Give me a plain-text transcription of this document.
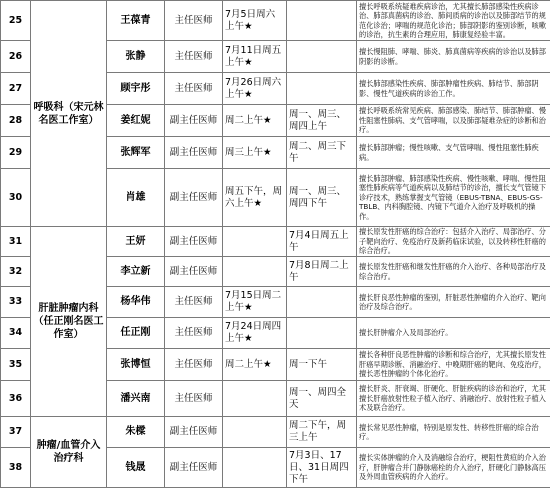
25	呼吸科（宋元林名医工作室）	王葆青	主任医师	7月5日周六上午★		擅长呼吸系统疑难疾病诊治，尤其擅长肺部感染性疾病诊治、肺部真菌病的诊治、肺间质病的诊治以及肺部结节的规范化诊治；哮喘的规范化诊治；肺部阴影的鉴别诊断，咳嗽的诊治，抗生素的合理应用，肺康复经验丰富。
26		张静	主任医师	7月11日周五上午★		擅长慢阻肺、哮喘、肺炎、肺真菌病等疾病的诊治以及肺部阴影的诊断。
27		顾宇彤	主任医师	7月26日周六上午★		擅长肺部感染性疾病、肺部肿瘤性疾病、肺结节、肺部阴影、慢性气道疾病的诊治工作。
28		姜红妮	副主任医师	周二上午★	周一、周三、周四上午	擅长呼吸系统常见疾病、肺部感染、肺结节、肺部肿瘤、慢性阻塞性肺病、支气管哮喘，以及肺部疑难杂症的诊断和治疗。
29		张辉军	副主任医师	周三上午★	周二、周三下午	擅长肺部肿瘤；慢性咳嗽、支气管哮喘、慢性阻塞性肺疾病。
30		肖雄	副主任医师	周五下午，周六上午★	周一、周三、周四下午	擅长肺部肿瘤、肺部感染性疾病、慢性咳嗽、哮喘、慢性阻塞性肺疾病等气道疾病以及肺结节的诊治，擅长支气管镜下诊疗技术，熟练掌握支气管镜（EBUS-TBNA、EBUS-GS-TBLB、内科胸腔镜、内镜下气道介入治疗及呼吸机的操作。
31	肝脏肿瘤内科（任正刚名医工作室）	王妍	副主任医师		7月4日周五上午	擅长原发性肝癌的综合治疗：包括介入治疗、局部治疗、分子靶向治疗、免疫治疗及新药临床试验，以及转移性肝癌的综合治疗。
32		李立新	副主任医师		7月8日周二上午	擅长原发性肝癌和继发性肝癌的介入治疗、各种局部治疗及综合治疗。
33		杨华伟	主任医师	7月15日周二上午★		擅长肝良恶性肿瘤的鉴别，肝脏恶性肿瘤的介入治疗、靶向治疗及综合治疗。
34		任正刚	主任医师	7月24日周四上午★		擅长肝肿瘤介入及局部治疗。
35		张博恒	主任医师	周二上午★	周一下午	擅长各种肝良恶性肿瘤的诊断和综合治疗，尤其擅长原发性肝癌早期诊断、消融治疗、中晚期肝癌的靶向、免疫治疗，擅长恶性肿瘤的个体化治疗。
36		潘兴南	主任医师		周一、周四全天	擅长肝炎、肝衰竭、肝硬化、肝脏疾病的诊治和治疗，尤其擅长肝癌放射性粒子植入治疗、消融治疗、放射性粒子植入术及联合治疗。
37	肿瘤/血管介入治疗科	朱樑	副主任医师		周二下午，周三上午	擅长常见恶性肿瘤，特别是原发性、转移性肝癌的综合治疗。
38		钱晟	副主任医师		7月3日、17日、31日周四下午	擅长实体肿瘤的介入及消融综合治疗，梗阻性黄疸的介入治疗，肝肿瘤合并门静脉癌栓的介入治疗，肝硬化门静脉高压及外周血管疾病的介入治疗。
